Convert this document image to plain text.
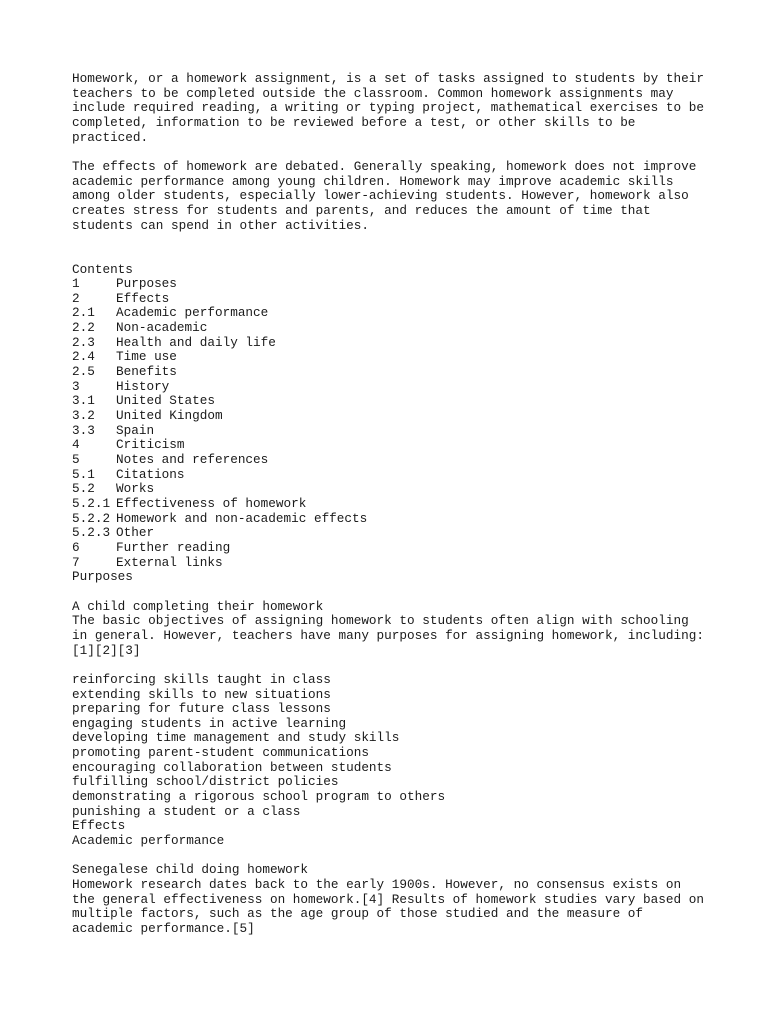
Homework, or a homework assignment, is a set of tasks assigned to students by their
teachers to be completed outside the classroom. Common homework assignments may
include required reading, a writing or typing project, mathematical exercises to be
completed, information to be reviewed before a test, or other skills to be
practiced.

The effects of homework are debated. Generally speaking, homework does not improve
academic performance among young children. Homework may improve academic skills
among older students, especially lower-achieving students. However, homework also
creates stress for students and parents, and reduces the amount of time that
students can spend in other activities.

Contents
1	Purposes
2	Effects
2.1	Academic performance
2.2	Non-academic
2.3	Health and daily life
2.4	Time use
2.5	Benefits
3	History
3.1	United States
3.2	United Kingdom
3.3	Spain
4	Criticism
5	Notes and references
5.1	Citations
5.2	Works
5.2.1 Effectiveness of homework
5.2.2 Homework and non-academic effects
5.2.3 Other
6	Further reading
7	External links
Purposes
A child completing their homework

The basic objectives of assigning homework to students often align with schooling
in general. However, teachers have many purposes for assigning homework, including:
[1][2][3]

reinforcing skills taught in class
extending skills to new situations
preparing for future class lessons
engaging students in active learning
developing time management and study skills
promoting parent-student communications
encouraging collaboration between students
fulfilling school/district policies
demonstrating a rigorous school program to others
punishing a student or a class
Effects
Academic performance
Senegalese child doing homework

Homework research dates back to the early 1900s. However, no consensus exists on
the general effectiveness on homework.[4] Results of homework studies vary based on
multiple factors, such as the age group of those studied and the measure of
academic performance.[5]
